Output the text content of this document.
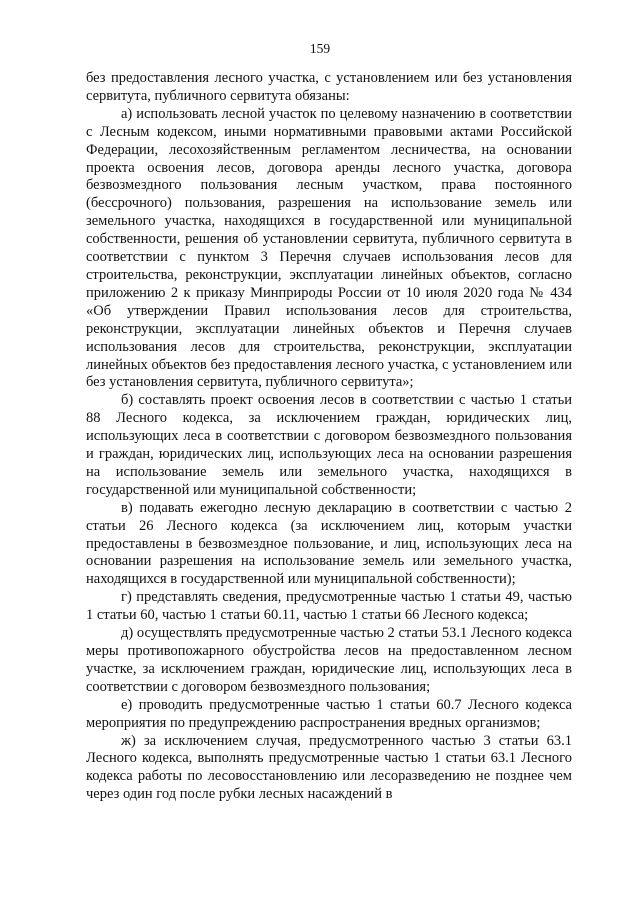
159

без предоставления лесного участка, с установлением или без установления сервитута, публичного сервитута обязаны:

а) использовать лесной участок по целевому назначению в соответствии с Лесным кодексом, иными нормативными правовыми актами Российской Федерации, лесохозяйственным регламентом лесничества, на основании проекта освоения лесов, договора аренды лесного участка, договора безвозмездного пользования лесным участком, права постоянного (бессрочного) пользования, разрешения на использование земель или земельного участка, находящихся в государственной или муниципальной собственности, решения об установлении сервитута, публичного сервитута в соответствии с пунктом 3 Перечня случаев использования лесов для строительства, реконструкции, эксплуатации линейных объектов, согласно приложению 2 к приказу Минприроды России от 10 июля 2020 года № 434 «Об утверждении Правил использования лесов для строительства, реконструкции, эксплуатации линейных объектов и Перечня случаев использования лесов для строительства, реконструкции, эксплуатации линейных объектов без предоставления лесного участка, с установлением или без установления сервитута, публичного сервитута»;

б) составлять проект освоения лесов в соответствии с частью 1 статьи 88 Лесного кодекса, за исключением граждан, юридических лиц, использующих леса в соответствии с договором безвозмездного пользования и граждан, юридических лиц, использующих леса на основании разрешения на использование земель или земельного участка, находящихся в государственной или муниципальной собственности;

в) подавать ежегодно лесную декларацию в соответствии с частью 2 статьи 26 Лесного кодекса (за исключением лиц, которым участки предоставлены в безвозмездное пользование, и лиц, использующих леса на основании разрешения на использование земель или земельного участка, находящихся в государственной или муниципальной собственности);

г) представлять сведения, предусмотренные частью 1 статьи 49, частью 1 статьи 60, частью 1 статьи 60.11, частью 1 статьи 66 Лесного кодекса;

д) осуществлять предусмотренные частью 2 статьи 53.1 Лесного кодекса меры противопожарного обустройства лесов на предоставленном лесном участке, за исключением граждан, юридические лиц, использующих леса в соответствии с договором безвозмездного пользования;

е) проводить предусмотренные частью 1 статьи 60.7 Лесного кодекса мероприятия по предупреждению распространения вредных организмов;

ж) за исключением случая, предусмотренного частью 3 статьи 63.1 Лесного кодекса, выполнять предусмотренные частью 1 статьи 63.1 Лесного кодекса работы по лесовосстановлению или лесоразведению не позднее чем через один год после рубки лесных насаждений в
